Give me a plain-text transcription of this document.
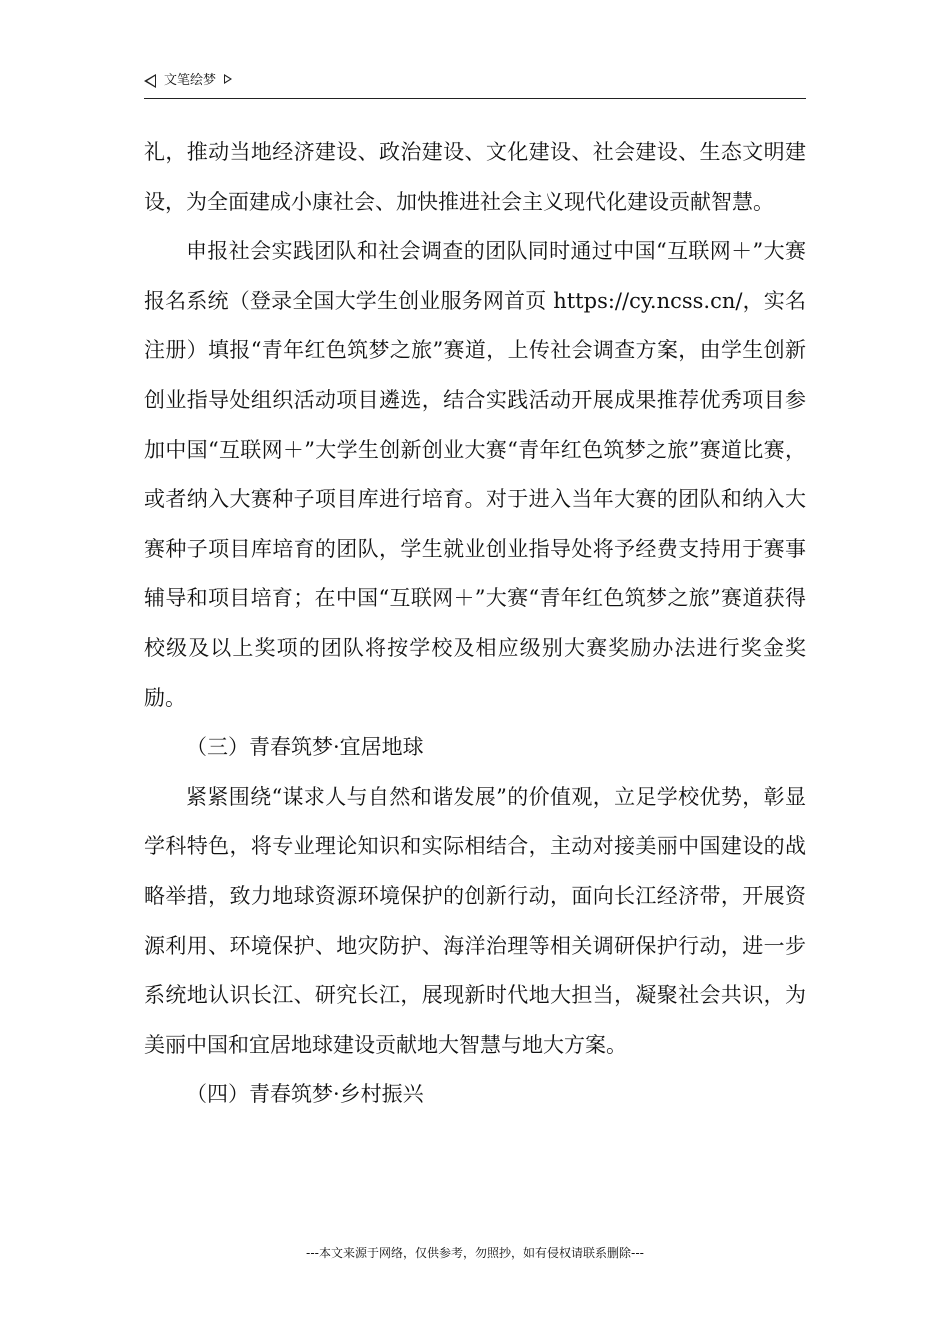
文笔绘梦

礼，推动当地经济建设、政治建设、文化建设、社会建设、生态文明建设，为全面建成小康社会、加快推进社会主义现代化建设贡献智慧。

申报社会实践团队和社会调查的团队同时通过中国“互联网＋”大赛报名系统（登录全国大学生创业服务网首页 https://cy.ncss.cn/，实名注册）填报“青年红色筑梦之旅”赛道，上传社会调查方案，由学生创新创业指导处组织活动项目遴选，结合实践活动开展成果推荐优秀项目参加中国“互联网＋”大学生创新创业大赛“青年红色筑梦之旅”赛道比赛，或者纳入大赛种子项目库进行培育。对于进入当年大赛的团队和纳入大赛种子项目库培育的团队，学生就业创业指导处将予经费支持用于赛事辅导和项目培育；在中国“互联网＋”大赛“青年红色筑梦之旅”赛道获得校级及以上奖项的团队将按学校及相应级别大赛奖励办法进行奖金奖励。

（三）青春筑梦·宜居地球

紧紧围绕“谋求人与自然和谐发展”的价值观，立足学校优势，彰显学科特色，将专业理论知识和实际相结合，主动对接美丽中国建设的战略举措，致力地球资源环境保护的创新行动，面向长江经济带，开展资源利用、环境保护、地灾防护、海洋治理等相关调研保护行动，进一步系统地认识长江、研究长江，展现新时代地大担当，凝聚社会共识，为美丽中国和宜居地球建设贡献地大智慧与地大方案。

（四）青春筑梦·乡村振兴

---本文来源于网络，仅供参考，勿照抄，如有侵权请联系删除---
